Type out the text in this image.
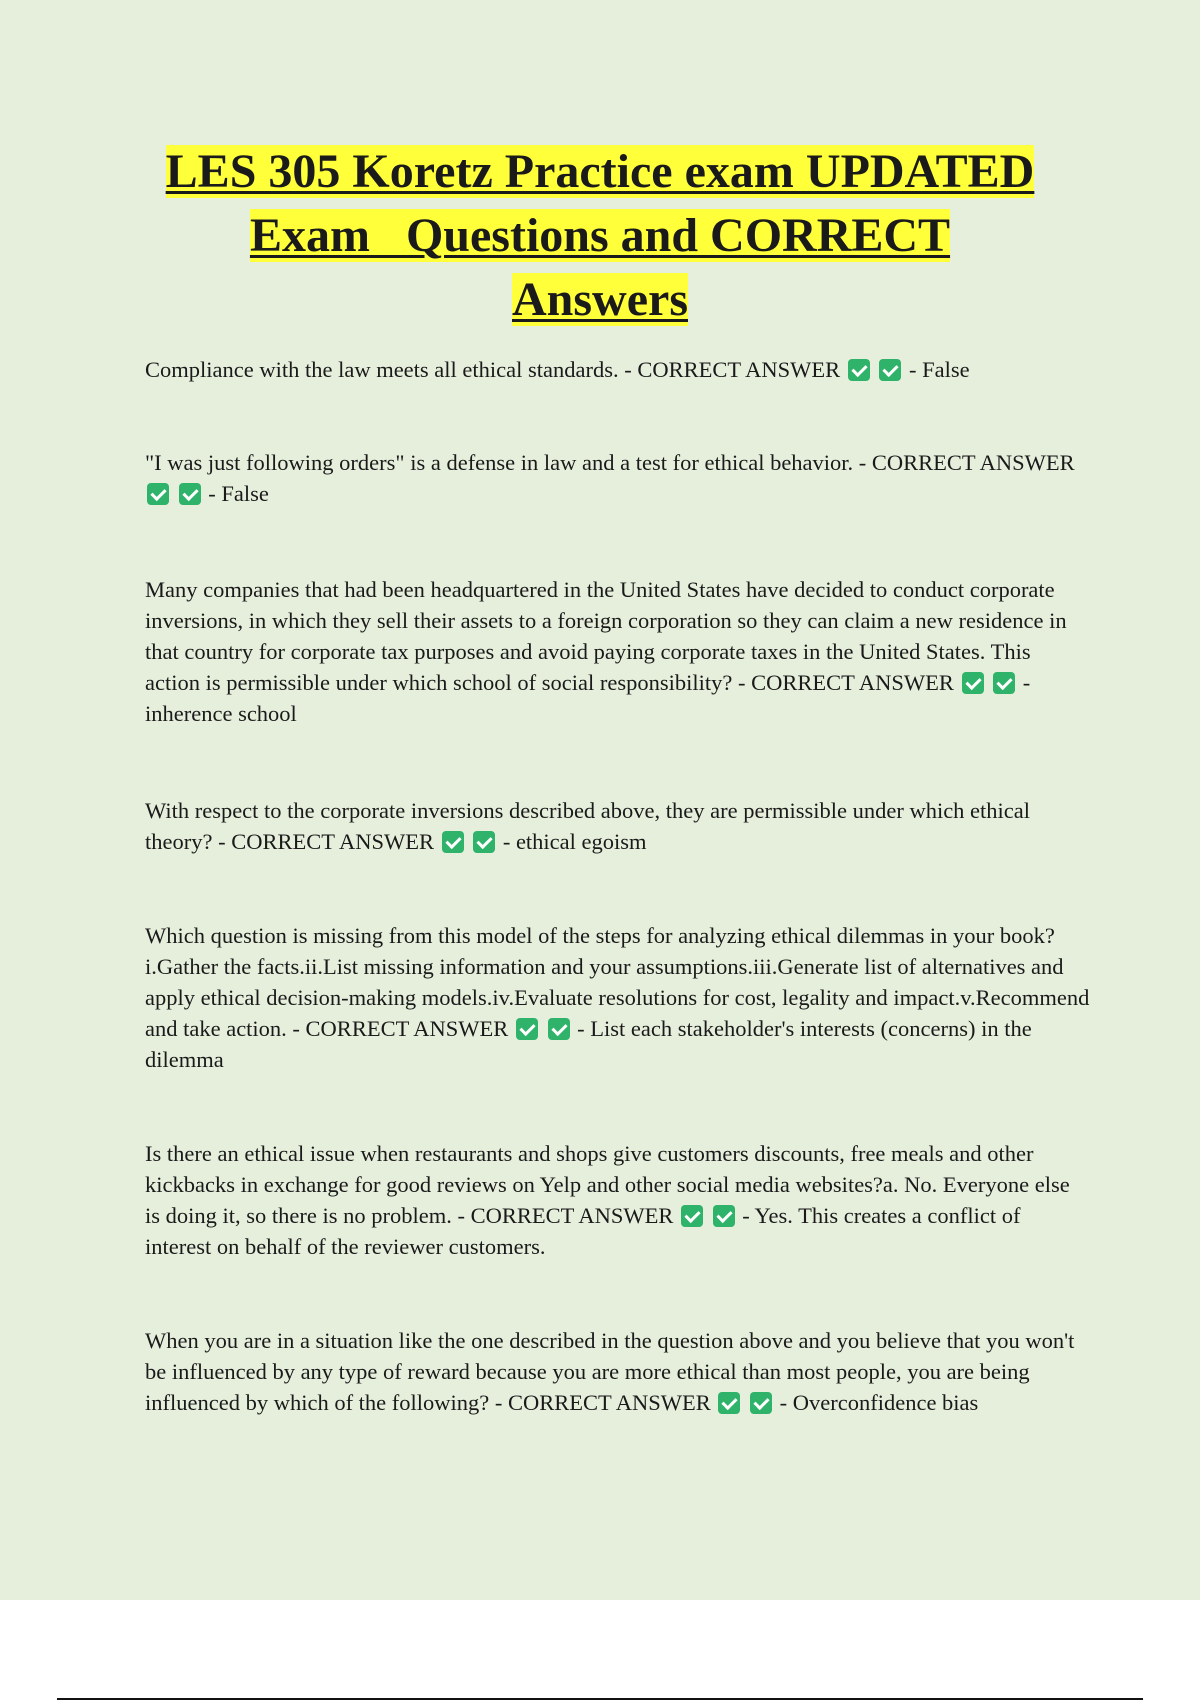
LES 305 Koretz Practice exam UPDATED
Exam   Questions and CORRECT
Answers

Compliance with the law meets all ethical standards. - CORRECT ANSWER	- False

"I was just following orders" is a defense in law and a test for ethical behavior. - CORRECT ANSWER   - False

Many companies that had been headquartered in the United States have decided to conduct corporate inversions, in which they sell their assets to a foreign corporation so they can claim a new residence in that country for corporate tax purposes and avoid paying corporate taxes in the United States. This action is permissible under which school of social responsibility? - CORRECT ANSWER	- inherence school

With respect to the corporate inversions described above, they are permissible under which ethical theory? - CORRECT ANSWER	- ethical egoism

Which question is missing from this model of the steps for analyzing ethical dilemmas in your book?i.Gather the facts.ii.List missing information and your assumptions.iii.Generate list of alternatives and apply ethical decision-making models.iv.Evaluate resolutions for cost, legality and impact.v.Recommend and take action. - CORRECT ANSWER	- List each stakeholder's interests (concerns) in the dilemma

Is there an ethical issue when restaurants and shops give customers discounts, free meals and other kickbacks in exchange for good reviews on Yelp and other social media websites?a. No. Everyone else is doing it, so there is no problem. - CORRECT ANSWER	- Yes. This creates a conflict of interest on behalf of the reviewer customers.

When you are in a situation like the one described in the question above and you believe that you won't be influenced by any type of reward because you are more ethical than most people, you are being influenced by which of the following? - CORRECT ANSWER	- Overconfidence bias
